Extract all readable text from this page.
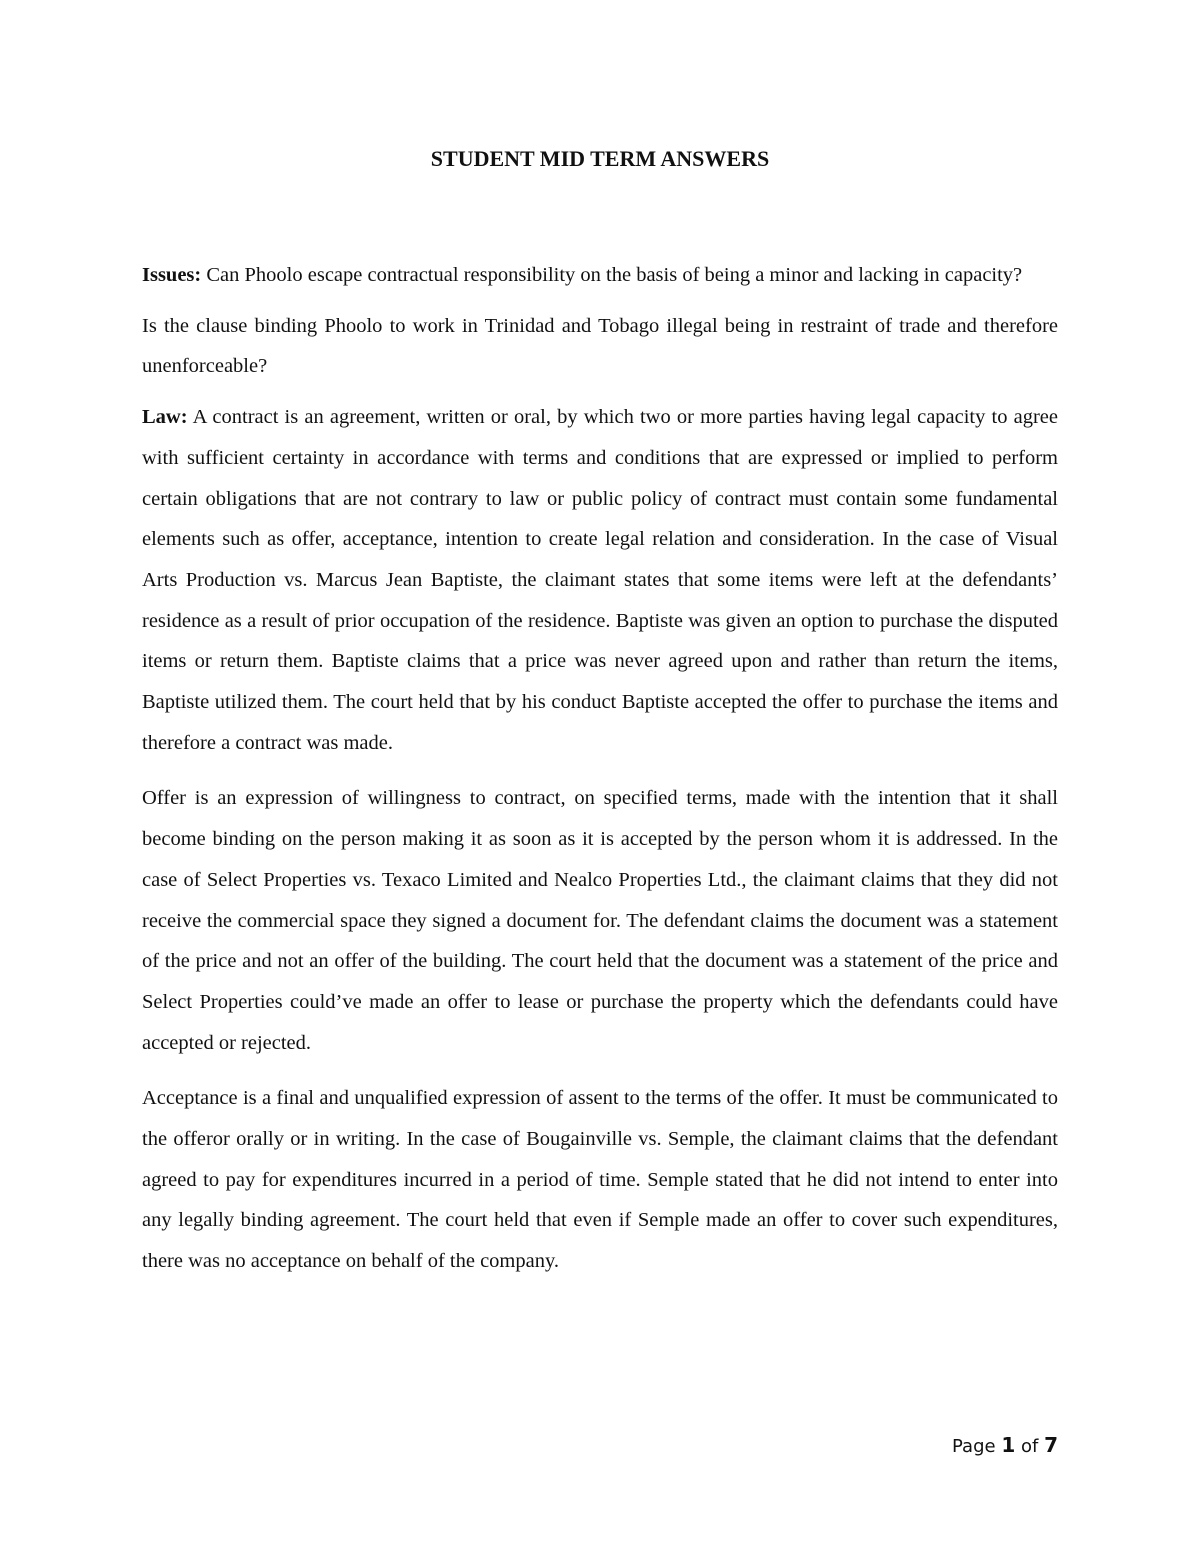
STUDENT MID TERM ANSWERS

Issues: Can Phoolo escape contractual responsibility on the basis of being a minor and lacking in capacity?

Is the clause binding Phoolo to work in Trinidad and Tobago illegal being in restraint of trade and therefore unenforceable?

Law: A contract is an agreement, written or oral, by which two or more parties having legal capacity to agree with sufficient certainty in accordance with terms and conditions that are expressed or implied to perform certain obligations that are not contrary to law or public policy of contract must contain some fundamental elements such as offer, acceptance, intention to create legal relation and consideration. In the case of Visual Arts Production vs. Marcus Jean Baptiste, the claimant states that some items were left at the defendants’ residence as a result of prior occupation of the residence. Baptiste was given an option to purchase the disputed items or return them. Baptiste claims that a price was never agreed upon and rather than return the items, Baptiste utilized them. The court held that by his conduct Baptiste accepted the offer to purchase the items and therefore a contract was made.

Offer is an expression of willingness to contract, on specified terms, made with the intention that it shall become binding on the person making it as soon as it is accepted by the person whom it is addressed. In the case of Select Properties vs. Texaco Limited and Nealco Properties Ltd., the claimant claims that they did not receive the commercial space they signed a document for. The defendant claims the document was a statement of the price and not an offer of the building. The court held that the document was a statement of the price and Select Properties could’ve made an offer to lease or purchase the property which the defendants could have accepted or rejected.

Acceptance is a final and unqualified expression of assent to the terms of the offer. It must be communicated to the offeror orally or in writing. In the case of Bougainville vs. Semple, the claimant claims that the defendant agreed to pay for expenditures incurred in a period of time. Semple stated that he did not intend to enter into any legally binding agreement. The court held that even if Semple made an offer to cover such expenditures, there was no acceptance on behalf of the company.

Page 1 of 7
